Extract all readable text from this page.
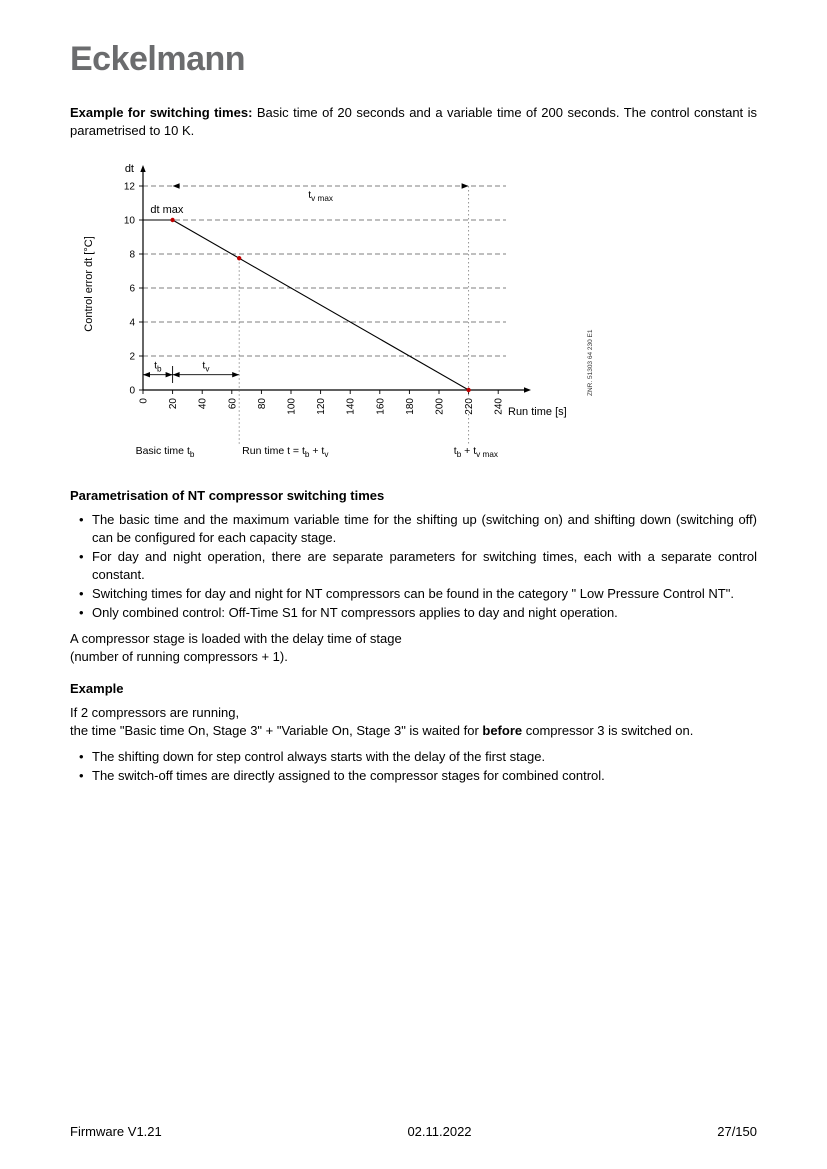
Eckelmann

Example for switching times: Basic time of 20 seconds and a variable time of 200 seconds. The control constant is parametrised to 10 K.

dt
Run time [s]
Control error dt [°C]
0
2
4
6
8
10
12
0 20 40 60 80 100 120 140 160 180 200 220 240
dt max
$t_{v max}$
$t_b$	$t_v$
Basic time $t_b$	Run time $t = t_b + t_v$	$t_b + t_{v max}$
ZNR. 51303 64 230 E1
Parametrisation of NT compressor switching times
• The basic time and the maximum variable time for the shifting up (switching on) and shifting down (switching off) can be configured for each capacity stage.
• For day and night operation, there are separate parameters for switching times, each with a separate control constant.
• Switching times for day and night for NT compressors can be found in the category " Low Pressure Control NT".
• Only combined control: Off-Time S1 for NT compressors applies to day and night operation.

A compressor stage is loaded with the delay time of stage
(number of running compressors + 1).

Example

If 2 compressors are running,
the time "Basic time On, Stage 3" + "Variable On, Stage 3" is waited for before compressor 3 is switched on.

• The shifting down for step control always starts with the delay of the first stage.
• The switch-off times are directly assigned to the compressor stages for combined control.
Firmware V1.21	02.11.2022	27/150
